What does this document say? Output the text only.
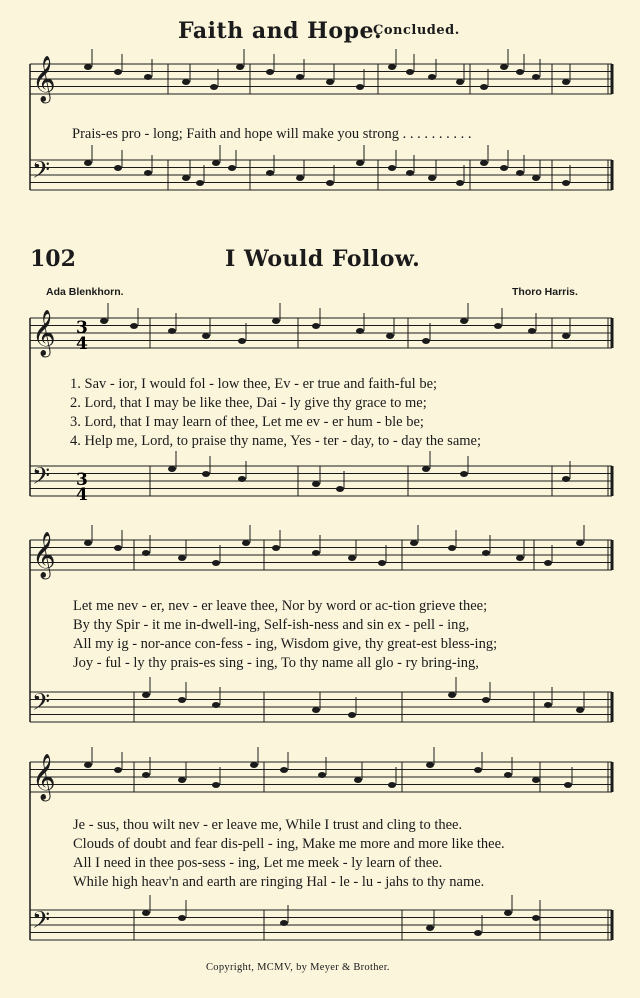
Faith and Hope.
Concluded.
102	I Would Follow.
Ada Blenkhorn.	Thoro Harris.
Prais-es pro - long; Faith and hope will make you strong . . . . . . . . . .
1. Sav - ior, I would fol - low thee, Ev - er true and faith-ful be;
2. Lord, that I may be like thee, Dai - ly give thy grace to me;
3. Lord, that I may learn of thee, Let me ev - er hum - ble be;
4. Help me, Lord, to praise thy name, Yes - ter - day, to - day the same;
Let me nev - er, nev - er leave thee, Nor by word or ac-tion grieve thee;
By thy Spir - it me in-dwell-ing, Self-ish-ness and sin ex - pell - ing,
All my ig - nor-ance con-fess - ing, Wisdom give, thy great-est bless-ing;
Joy - ful - ly thy prais-es sing - ing, To thy name all glo - ry bring-ing,
Je - sus, thou wilt nev - er leave me, While I trust and cling to thee.
Clouds of doubt and fear dis-pell - ing, Make me more and more like thee.
All I need in thee pos-sess - ing, Let me meek - ly learn of thee.
While high heav'n and earth are ringing Hal - le - lu - jahs to thy name.
Copyright, MCMV, by Meyer & Brother.
𝄞
𝄢
𝄞
𝄢
𝄞
𝄢
𝄞
𝄢
3
4
3
4
